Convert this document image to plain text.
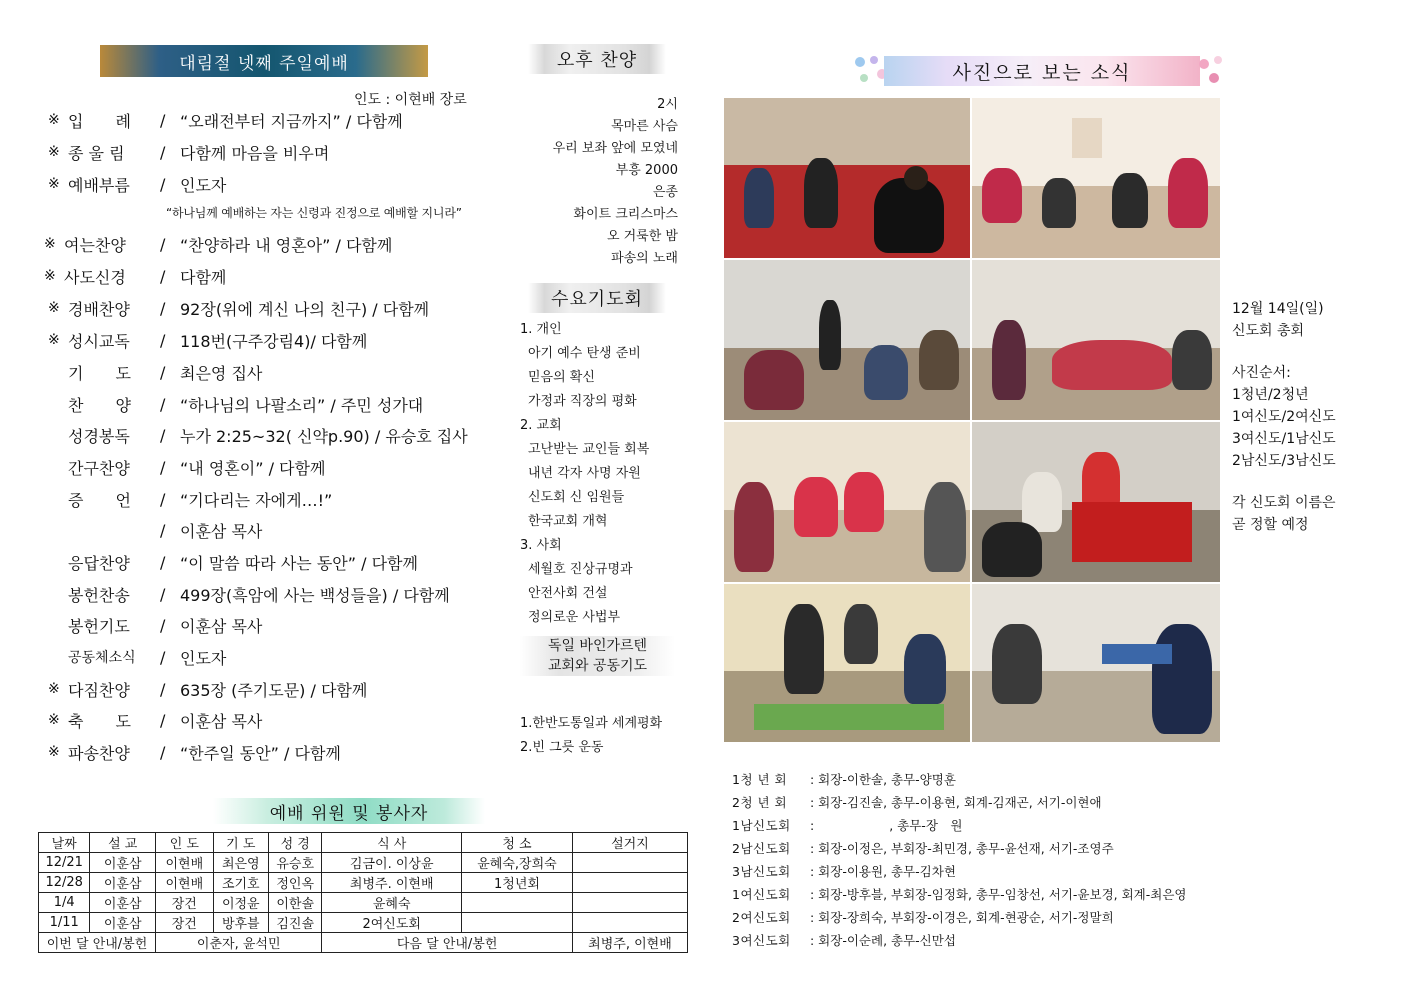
대림절 넷째 주일예배
인도 : 이현배 장로
※ 입　　례	/ “오래전부터 지금까지” / 다함께
※ 종 울 림	/ 다함께 마음을 비우며
※ 예배부름	/ 인도자
※ 여는찬양	/ “찬양하라 내 영혼아” / 다함께
※ 사도신경	/ 다함께
※ 경배찬양	/ 92장(위에 계신 나의 친구) / 다함께
※ 성시교독	/ 118번(구주강림4)/ 다함께
기　　도	/ 최은영 집사
찬　　양	/ “하나님의 나팔소리” / 주민 성가대
성경봉독	/ 누가 2:25~32( 신약p.90) / 유승호 집사
간구찬양	/ “내 영혼이” / 다함께
증　　언	/ “기다리는 자에게…!”
/ 이훈삼 목사
응답찬양	/ “이 말씀 따라 사는 동안” / 다함께
봉헌찬송	/ 499장(흑암에 사는 백성들을) / 다함께
봉헌기도	/ 이훈삼 목사
공동체소식	/ 인도자
※ 다짐찬양	/ 635장 (주기도문) / 다함께
※ 축　　도	/ 이훈삼 목사
※ 파송찬양	/ “한주일 동안” / 다함께
“하나님께 예배하는 자는 신령과 진정으로 예배할 지니라”
예배 위원 및 봉사자
날짜	설 교	인 도	기 도	성 경	식 사	청 소	설거지
12/21	이훈삼	이현배	최은영	유승호	김금이. 이상윤	윤혜숙,장희숙	
12/28	이훈삼	이현배	조기호	정인옥	최병주. 이현배	1청년회	
1/4	이훈삼	장건	이정윤	이한솔	윤혜숙		
1/11	이훈삼	장건	방후블	김진솔	2여신도회		
이번 달 안내/봉헌		이춘자, 윤석민			다음 달 안내/봉헌		최병주, 이현배
오후 찬양
2시
목마른 사슴
우리 보좌 앞에 모였네
부흥 2000
은종
화이트 크리스마스
오 거룩한 밤
파송의 노래
수요기도회
1. 개인
아기 예수 탄생 준비
믿음의 확신
가정과 직장의 평화
2. 교회
고난받는 교인들 회복
내년 각자 사명 자원
신도회 신 임원들
한국교회 개혁
3. 사회
세월호 진상규명과
안전사회 건설
정의로운 사법부
독일 바인가르텐
교회와 공동기도
1.한반도통일과 세계평화
2.빈 그릇 운동
사진으로 보는 소식
12월 14일(일)
신도회 총회
사진순서:
1청년/2청년
1여신도/2여신도
3여신도/1남신도
2남신도/3남신도
각 신도회 이름은
곧 정할 예정
1청 년 회 : 회장-이한솔, 총무-양명훈
2청 년 회 : 회장-김진솔, 총무-이용현, 회계-김재곤, 서기-이현애
1남신도회 :　　　　　　, 총무-장　원
2남신도회 : 회장-이정은, 부회장-최민경, 총무-윤선재, 서기-조영주
3남신도회 : 회장-이용원, 총무-김차현
1여신도회 : 회장-방후블, 부회장-임정화, 총무-임창선, 서기-윤보경, 회계-최은영
2여신도회 : 회장-장희숙, 부회장-이경은, 회계-현광순, 서기-정말희
3여신도회 : 회장-이순례, 총무-신만섭
